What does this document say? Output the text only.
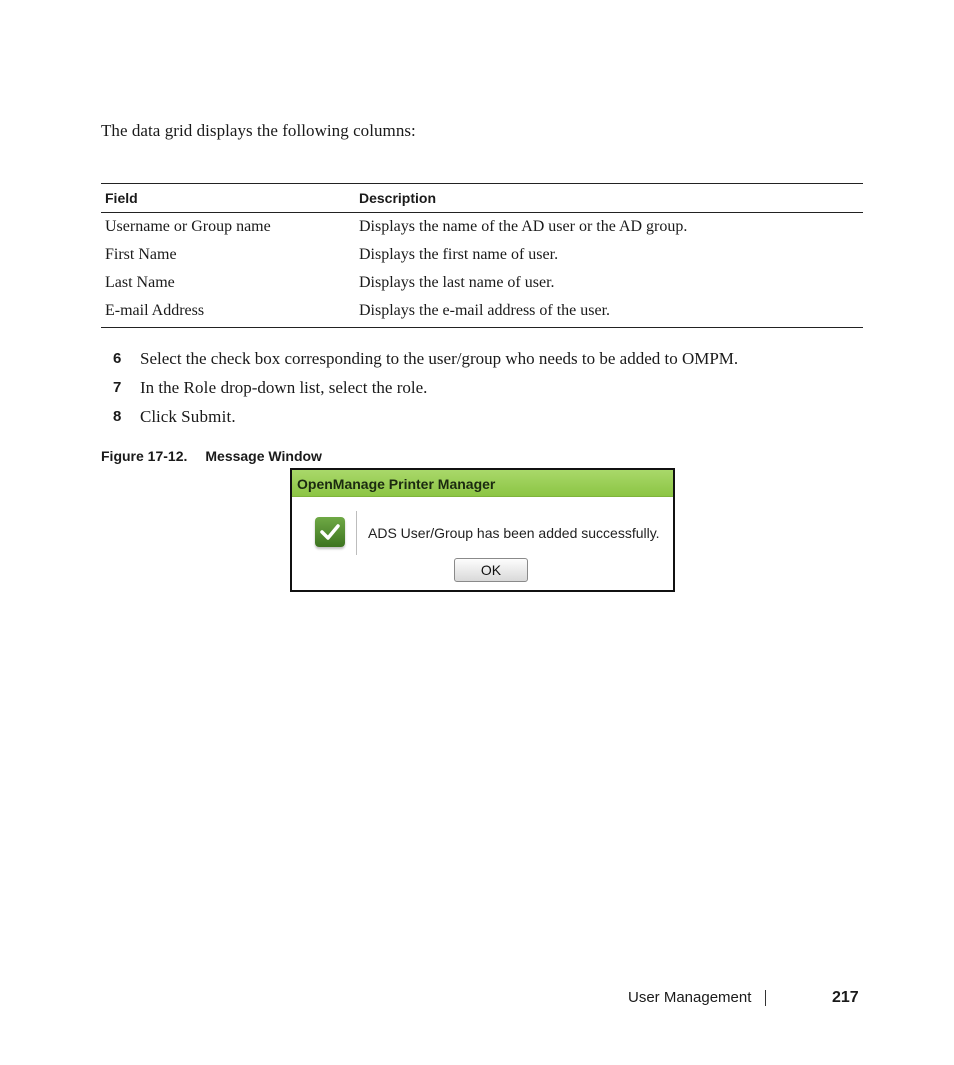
The data grid displays the following columns:
Field	Description
Username or Group name	Displays the name of the AD user or the AD group.
First Name	Displays the first name of user.
Last Name	Displays the last name of user.
E-mail Address	Displays the e-mail address of the user.
6	Select the check box corresponding to the user/group who needs to be added to OMPM.
7	In the Role drop-down list, select the role.
8	Click Submit.
Figure 17-12. Message Window
OpenManage Printer Manager
ADS User/Group has been added successfully.
OK
User Management	217
